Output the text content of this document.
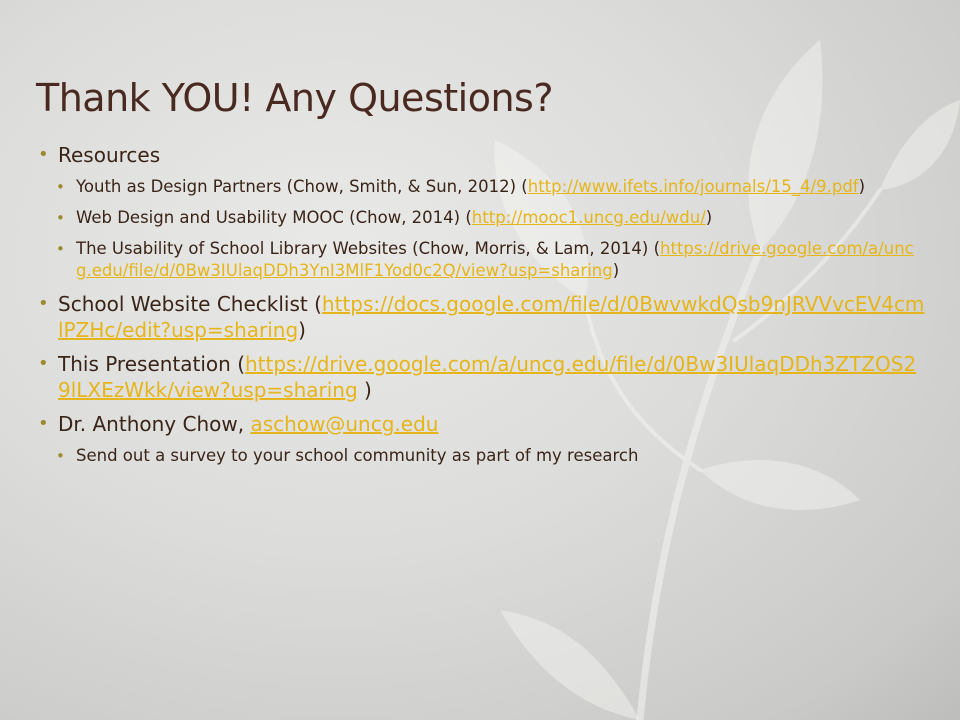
Thank YOU! Any Questions?
• Resources
• Youth as Design Partners (Chow, Smith, & Sun, 2012) (http://www.ifets.info/journals/15_4/9.pdf)
• Web Design and Usability MOOC (Chow, 2014) (http://mooc1.uncg.edu/wdu/)
• The Usability of School Library Websites (Chow, Morris, & Lam, 2014) (https://drive.google.com/a/uncg.edu/file/d/0Bw3IUlaqDDh3YnI3MlF1Yod0c2Q/view?usp=sharing)
• School Website Checklist (https://docs.google.com/file/d/0BwvwkdQsb9nJRVVvcEV4cmlPZHc/edit?usp=sharing)
• This Presentation (https://drive.google.com/a/uncg.edu/file/d/0Bw3IUlaqDDh3ZTZOS29lLXEzWkk/view?usp=sharing )
• Dr. Anthony Chow, aschow@uncg.edu
• Send out a survey to your school community as part of my research
